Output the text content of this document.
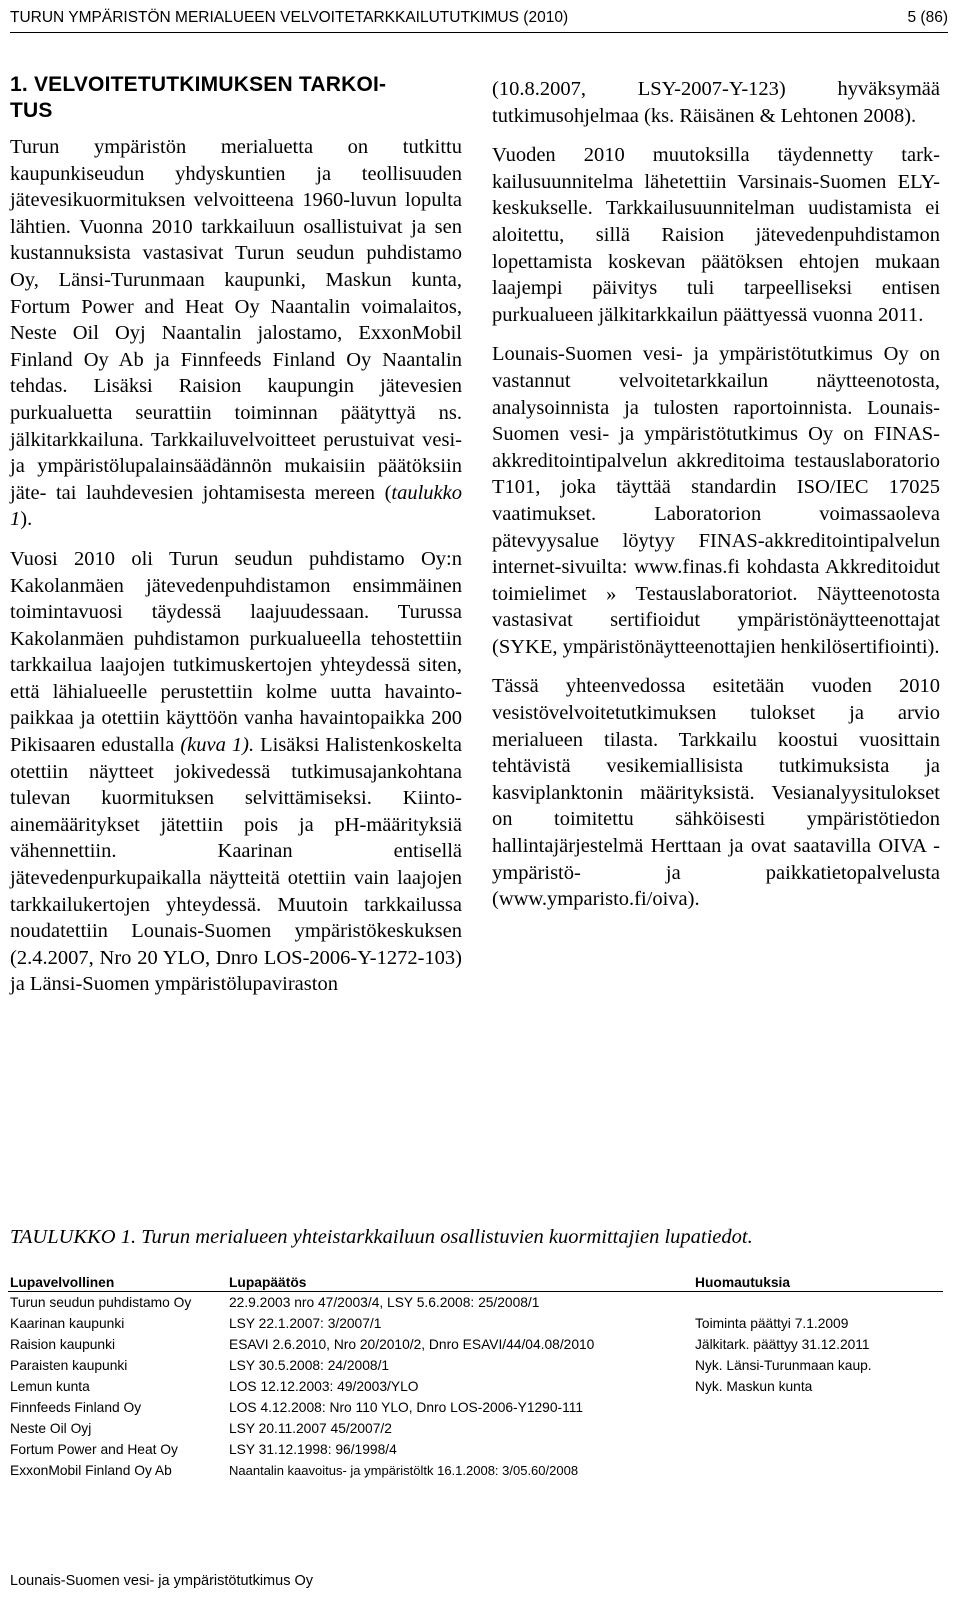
TURUN YMPÄRISTÖN MERIALUEEN VELVOITETARKKAILUTUTKIMUS (2010)	5 (86)
1. VELVOITETUTKIMUKSEN TARKOI-
TUS

Turun ympäristön merialuetta on tutkittu kaupunkiseudun yhdyskuntien ja teollisuuden jätevesikuormituksen velvoitteena 1960-luvun lopulta lähtien. Vuonna 2010 tarkkailuun osallistuivat ja sen kustannuksista vastasivat Turun seudun puhdistamo Oy, Länsi-Turunmaan kaupunki, Maskun kunta, Fortum Power and Heat Oy Naantalin voimalaitos, Neste Oil Oyj Naantalin jalostamo, ExxonMobil Finland Oy Ab ja Finnfeeds Finland Oy Naantalin tehdas. Lisäksi Raision kaupungin jätevesien purkualuetta seurattiin toiminnan päätyttyä ns. jälkitarkkailuna. Tarkkailuvelvoitteet perustuivat vesi- ja ympäristölupalainsäädännön mukaisiin päätöksiin jäte- tai lauhdevesien johtamisesta mereen (taulukko 1).

Vuosi 2010 oli Turun seudun puhdistamo Oy:n Kakolanmäen jätevedenpuhdistamon ensimmäinen toimintavuosi täydessä laajuudessaan. Turussa Kakolanmäen puhdistamon purkualueella tehostettiin tarkkailua laajojen tutkimuskertojen yhteydessä siten, että lähialueelle perustettiin kolme uutta havaintopaikkaa ja otettiin käyttöön vanha havaintopaikka 200 Pikisaaren edustalla (kuva 1). Lisäksi Halistenkoskelta otettiin näytteet jokivedessä tutkimusajankohtana tulevan kuormituksen selvittämiseksi. Kiintoainemääritykset jätettiin pois ja pH-määrityksiä vähennettiin. Kaarinan entisellä jätevedenpurkupaikalla näytteitä otettiin vain laajojen tarkkailukertojen yhteydessä. Muutoin tarkkailussa noudatettiin Lounais-Suomen ympäristökeskuksen (2.4.2007, Nro 20 YLO, Dnro LOS-2006-Y-1272-103) ja Länsi-Suomen ympäristölupaviraston

(10.8.2007, LSY-2007-Y-123) hyväksymää tutkimusohjelmaa (ks. Räisänen & Lehtonen 2008).

Vuoden 2010 muutoksilla täydennetty tarkkailusuunnitelma lähetettiin Varsinais-Suomen ELY-keskukselle. Tarkkailusuunnitelman uudistamista ei aloitettu, sillä Raision jätevedenpuhdistamon lopettamista koskevan päätöksen ehtojen mukaan laajempi päivitys tuli tarpeelliseksi entisen purkualueen jälkitarkkailun päättyessä vuonna 2011.

Lounais-Suomen vesi- ja ympäristötutkimus Oy on vastannut velvoitetarkkailun näytteenotosta, analysoinnista ja tulosten raportoinnista. Lounais-Suomen vesi- ja ympäristötutkimus Oy on FINAS-akkreditointipalvelun akkreditoima testauslaboratorio T101, joka täyttää standardin ISO/IEC 17025 vaatimukset. Laboratorion voimassaoleva pätevyysalue löytyy FINAS-akkreditointipalvelun internet-sivuilta: www.finas.fi kohdasta Akkreditoidut toimielimet » Testauslaboratoriot. Näytteenotosta vastasivat sertifioidut ympäristönäytteenottajat (SYKE, ympäristönäytteenottajien henkilösertifiointi).

Tässä yhteenvedossa esitetään vuoden 2010 vesistövelvoitetutkimuksen tulokset ja arvio merialueen tilasta. Tarkkailu koostui vuosittain tehtävistä vesikemiallisista tutkimuksista ja kasviplanktonin määrityksistä. Vesianalyysitulokset on toimitettu sähköisesti ympäristötiedon hallintajärjestelmä Herttaan ja ovat saatavilla OIVA -ympäristö- ja paikkatietopalvelusta (www.ymparisto.fi/oiva).

TAULUKKO 1. Turun merialueen yhteistarkkailuun osallistuvien kuormittajien lupatiedot.
Lupavelvollinen	Lupapäätös	Huomautuksia
Turun seudun puhdistamo Oy	22.9.2003 nro 47/2003/4, LSY 5.6.2008: 25/2008/1	
Kaarinan kaupunki	LSY 22.1.2007: 3/2007/1	Toiminta päättyi 7.1.2009
Raision kaupunki	ESAVI 2.6.2010, Nro 20/2010/2, Dnro ESAVI/44/04.08/2010	Jälkitark. päättyy 31.12.2011
Paraisten kaupunki	LSY 30.5.2008: 24/2008/1	Nyk. Länsi-Turunmaan kaup.
Lemun kunta	LOS 12.12.2003: 49/2003/YLO	Nyk. Maskun kunta
Finnfeeds Finland Oy	LOS 4.12.2008: Nro 110 YLO, Dnro LOS-2006-Y1290-111	
Neste Oil Oyj	LSY 20.11.2007 45/2007/2	
Fortum Power and Heat Oy	LSY 31.12.1998: 96/1998/4	
ExxonMobil Finland Oy Ab	Naantalin kaavoitus- ja ympäristöltk 16.1.2008: 3/05.60/2008	
Lounais-Suomen vesi- ja ympäristötutkimus Oy
